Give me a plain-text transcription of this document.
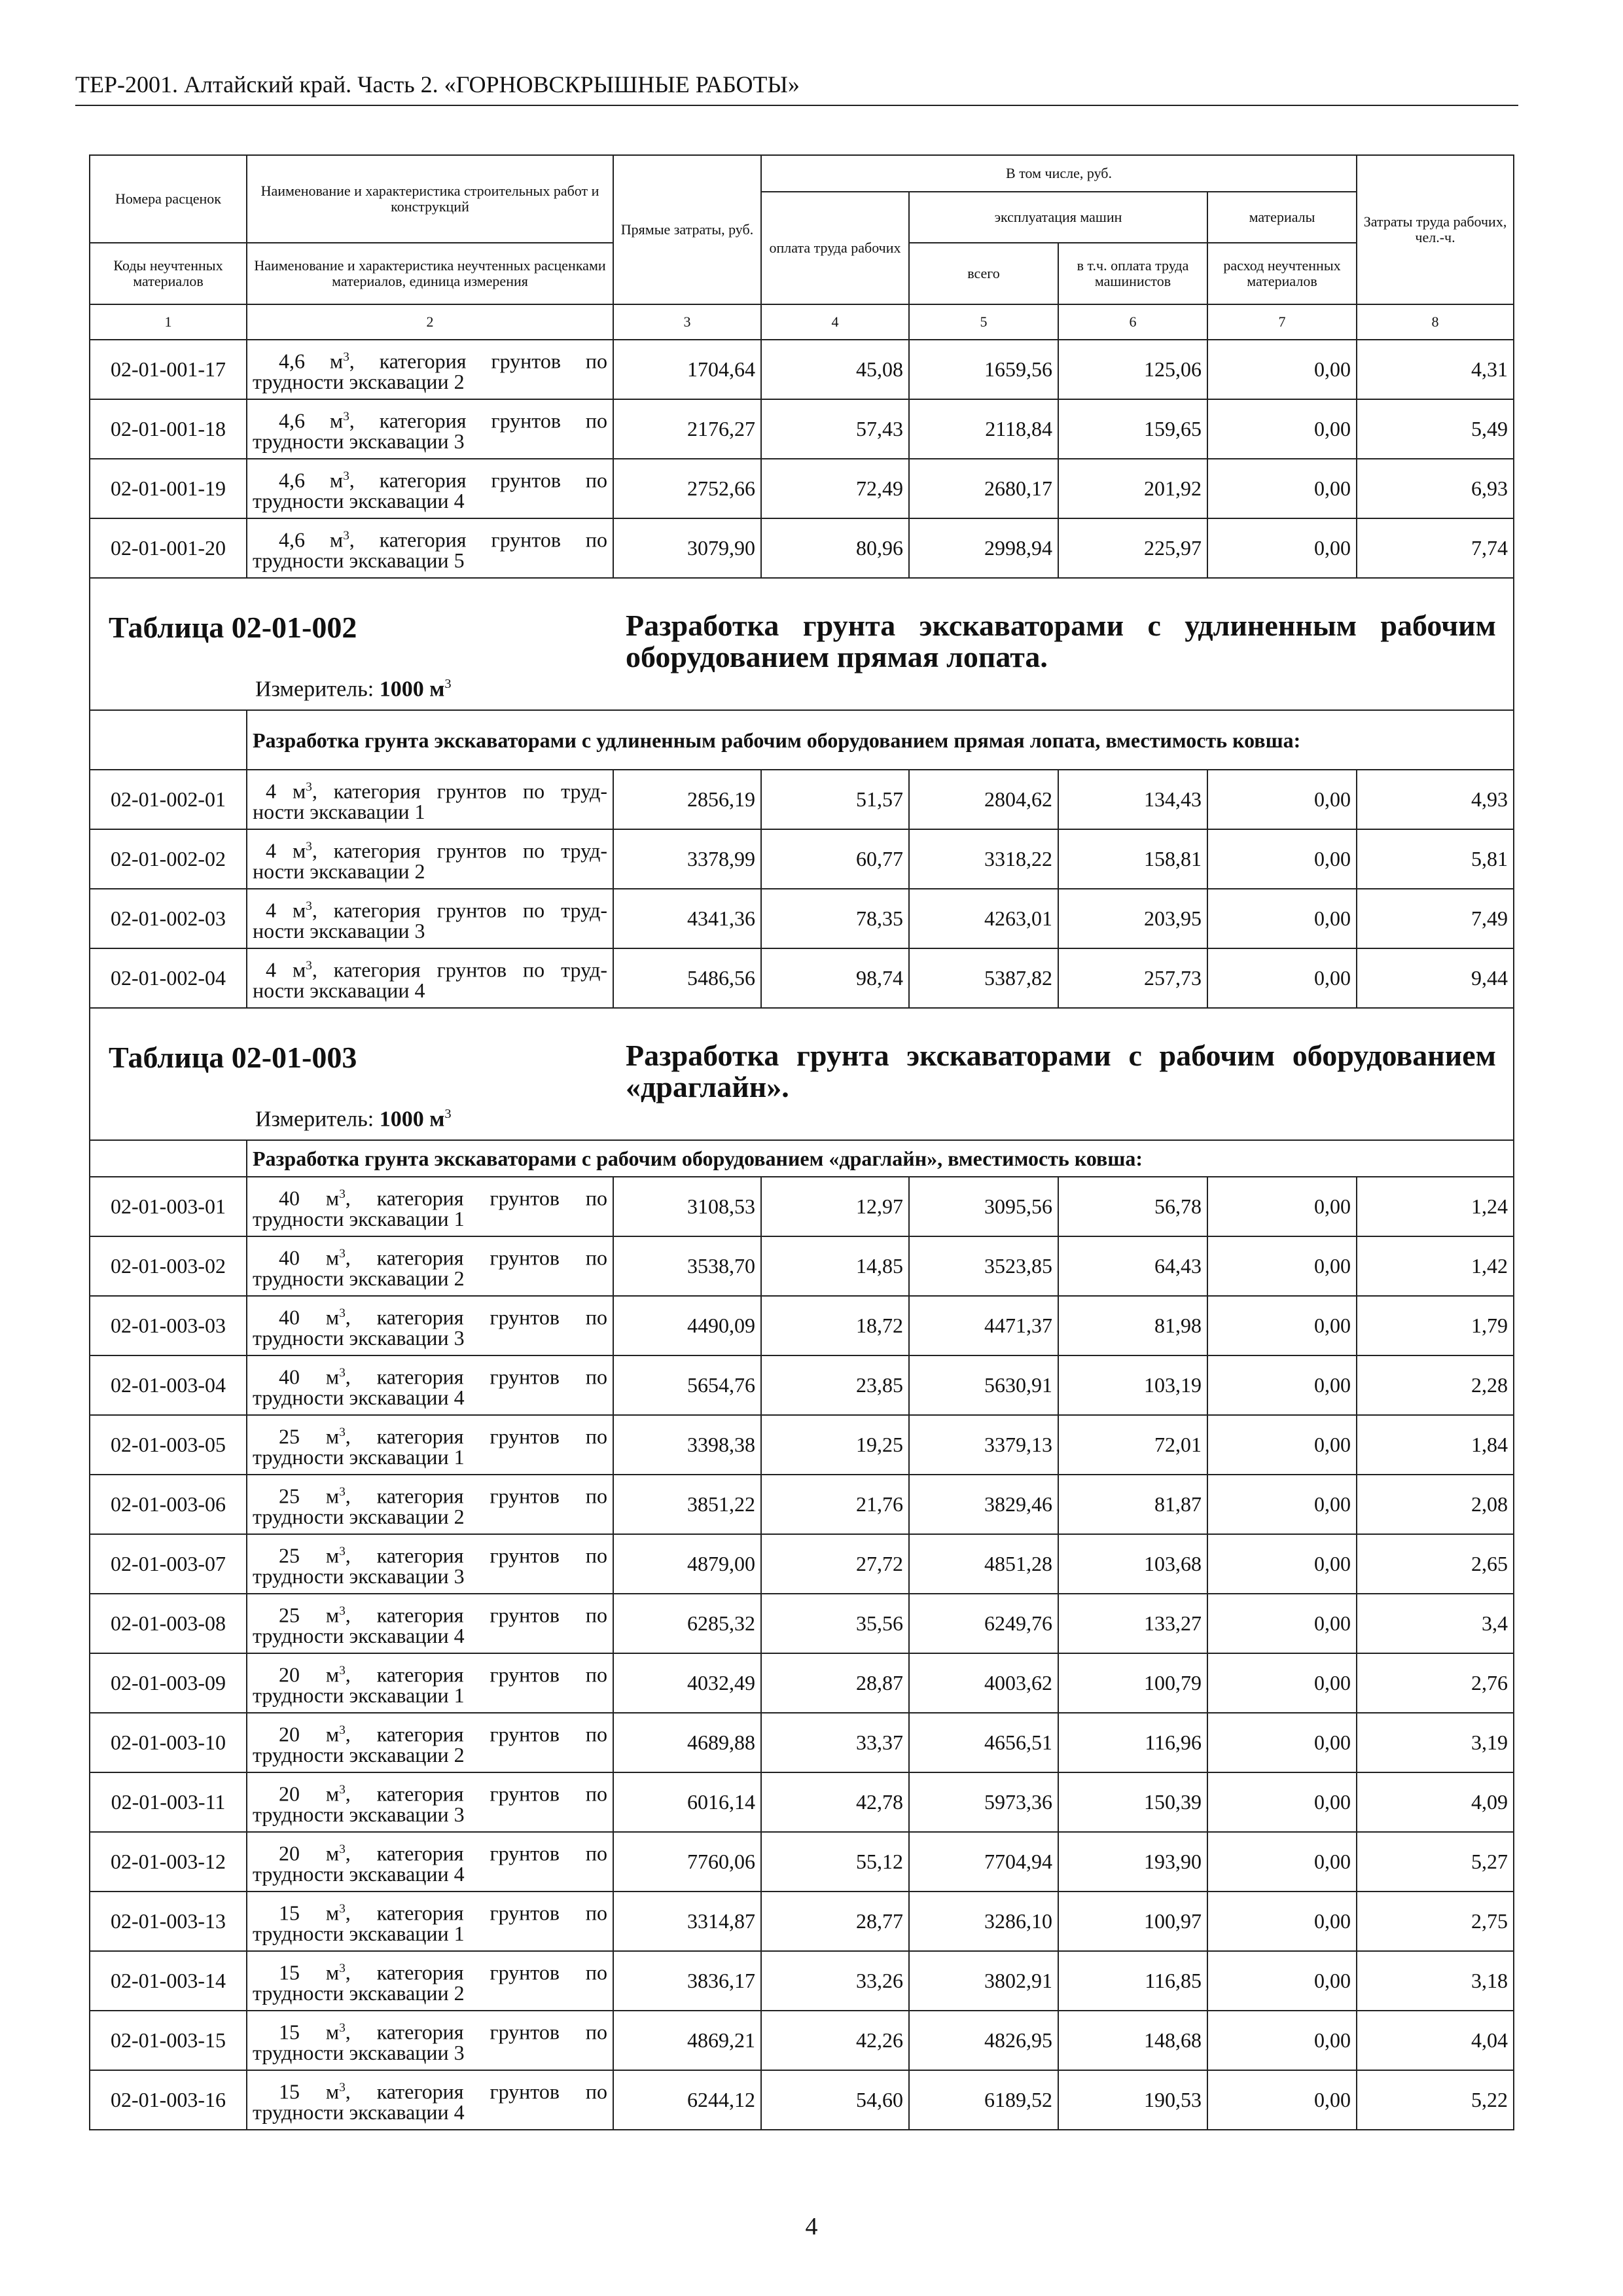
ТЕР-2001. Алтайский край. Часть 2. «ГОРНОВСКРЫШНЫЕ РАБОТЫ»
Номера расценок	Наименование и характеристика строительных работ и конструкций	Прямые затраты, руб.	В том числе, руб.				Затраты труда рабочих, чел.-ч.
			оплата труда рабочих	эксплуатация машин		материалы	
Коды неучтенных материалов	Наименование и характеристика неучтенных расценками материалов, единица измерения			всего	в т.ч. оплата труда машинистов	расход неучтенных материалов	
1	2	3	4	5	6	7	8
02-01-001-17	4,6 $м^3$, категория грунтов по
трудности экскавации 2	1704,64	45,08	1659,56	125,06	0,00	4,31
02-01-001-18	4,6 $м^3$, категория грунтов по
трудности экскавации 3	2176,27	57,43	2118,84	159,65	0,00	5,49
02-01-001-19	4,6 $м^3$, категория грунтов по
трудности экскавации 4	2752,66	72,49	2680,17	201,92	0,00	6,93
02-01-001-20	4,6 $м^3$, категория грунтов по
трудности экскавации 5	3079,90	80,96	2998,94	225,97	0,00	7,74

Таблица 02-01-002 Разработка грунта экскаваторами с удлиненным рабочим оборудованием прямая лопата.
Измеритель: 1000 $м^3$

	Разработка грунта экскаваторами с удлиненным рабочим оборудованием прямая лопата, вместимость ковша:						
02-01-002-01	4 $м^3$, категория грунтов по труд-
ности экскавации 1	2856,19	51,57	2804,62	134,43	0,00	4,93
02-01-002-02	4 $м^3$, категория грунтов по труд-
ности экскавации 2	3378,99	60,77	3318,22	158,81	0,00	5,81
02-01-002-03	4 $м^3$, категория грунтов по труд-
ности экскавации 3	4341,36	78,35	4263,01	203,95	0,00	7,49
02-01-002-04	4 $м^3$, категория грунтов по труд-
ности экскавации 4	5486,56	98,74	5387,82	257,73	0,00	9,44

Таблица 02-01-003 Разработка грунта экскаваторами с рабочим оборудованием «драглайн».
Измеритель: 1000 $м^3$

	Разработка грунта экскаваторами с рабочим оборудованием «драглайн», вместимость ковша:						
02-01-003-01	40 $м^3$, категория грунтов по
трудности экскавации 1	3108,53	12,97	3095,56	56,78	0,00	1,24
02-01-003-02	40 $м^3$, категория грунтов по
трудности экскавации 2	3538,70	14,85	3523,85	64,43	0,00	1,42
02-01-003-03	40 $м^3$, категория грунтов по
трудности экскавации 3	4490,09	18,72	4471,37	81,98	0,00	1,79
02-01-003-04	40 $м^3$, категория грунтов по
трудности экскавации 4	5654,76	23,85	5630,91	103,19	0,00	2,28
02-01-003-05	25 $м^3$, категория грунтов по
трудности экскавации 1	3398,38	19,25	3379,13	72,01	0,00	1,84
02-01-003-06	25 $м^3$, категория грунтов по
трудности экскавации 2	3851,22	21,76	3829,46	81,87	0,00	2,08
02-01-003-07	25 $м^3$, категория грунтов по
трудности экскавации 3	4879,00	27,72	4851,28	103,68	0,00	2,65
02-01-003-08	25 $м^3$, категория грунтов по
трудности экскавации 4	6285,32	35,56	6249,76	133,27	0,00	3,4
02-01-003-09	20 $м^3$, категория грунтов по
трудности экскавации 1	4032,49	28,87	4003,62	100,79	0,00	2,76
02-01-003-10	20 $м^3$, категория грунтов по
трудности экскавации 2	4689,88	33,37	4656,51	116,96	0,00	3,19
02-01-003-11	20 $м^3$, категория грунтов по
трудности экскавации 3	6016,14	42,78	5973,36	150,39	0,00	4,09
02-01-003-12	20 $м^3$, категория грунтов по
трудности экскавации 4	7760,06	55,12	7704,94	193,90	0,00	5,27
02-01-003-13	15 $м^3$, категория грунтов по
трудности экскавации 1	3314,87	28,77	3286,10	100,97	0,00	2,75
02-01-003-14	15 $м^3$, категория грунтов по
трудности экскавации 2	3836,17	33,26	3802,91	116,85	0,00	3,18
02-01-003-15	15 $м^3$, категория грунтов по
трудности экскавации 3	4869,21	42,26	4826,95	148,68	0,00	4,04
02-01-003-16	15 $м^3$, категория грунтов по
трудности экскавации 4	6244,12	54,60	6189,52	190,53	0,00	5,22
4
